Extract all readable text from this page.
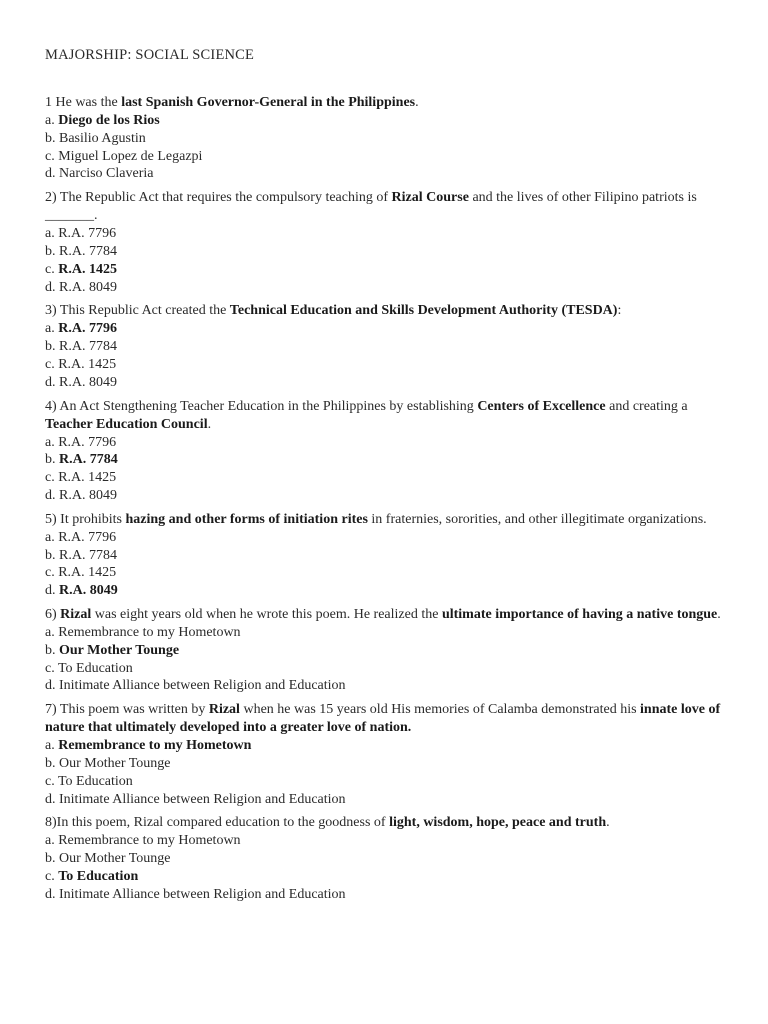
MAJORSHIP: SOCIAL SCIENCE
1 He was the last Spanish Governor-General in the Philippines.
a. Diego de los Rios
b. Basilio Agustin
c. Miguel Lopez de Legazpi
d. Narciso Claveria
2) The Republic Act that requires the compulsory teaching of Rizal Course and the lives of other Filipino patriots is _______.
a. R.A. 7796
b. R.A. 7784
c. R.A. 1425
d. R.A. 8049
3) This Republic Act created the Technical Education and Skills Development Authority (TESDA):
a. R.A. 7796
b. R.A. 7784
c. R.A. 1425
d. R.A. 8049
4) An Act Stengthening Teacher Education in the Philippines by establishing Centers of Excellence and creating a Teacher Education Council.
a. R.A. 7796
b. R.A. 7784
c. R.A. 1425
d. R.A. 8049
5) It prohibits hazing and other forms of initiation rites in fraternies, sororities, and other illegitimate organizations.
a. R.A. 7796
b. R.A. 7784
c. R.A. 1425
d. R.A. 8049
6) Rizal was eight years old when he wrote this poem. He realized the ultimate importance of having a native tongue.
a. Remembrance to my Hometown
b. Our Mother Tounge
c. To Education
d. Initimate Alliance between Religion and Education
7) This poem was written by Rizal when he was 15 years old His memories of Calamba demonstrated his innate love of nature that ultimately developed into a greater love of nation.
a. Remembrance to my Hometown
b. Our Mother Tounge
c. To Education
d. Initimate Alliance between Religion and Education
8)In this poem, Rizal compared education to the goodness of light, wisdom, hope, peace and truth.
a. Remembrance to my Hometown
b. Our Mother Tounge
c. To Education
d. Initimate Alliance between Religion and Education
